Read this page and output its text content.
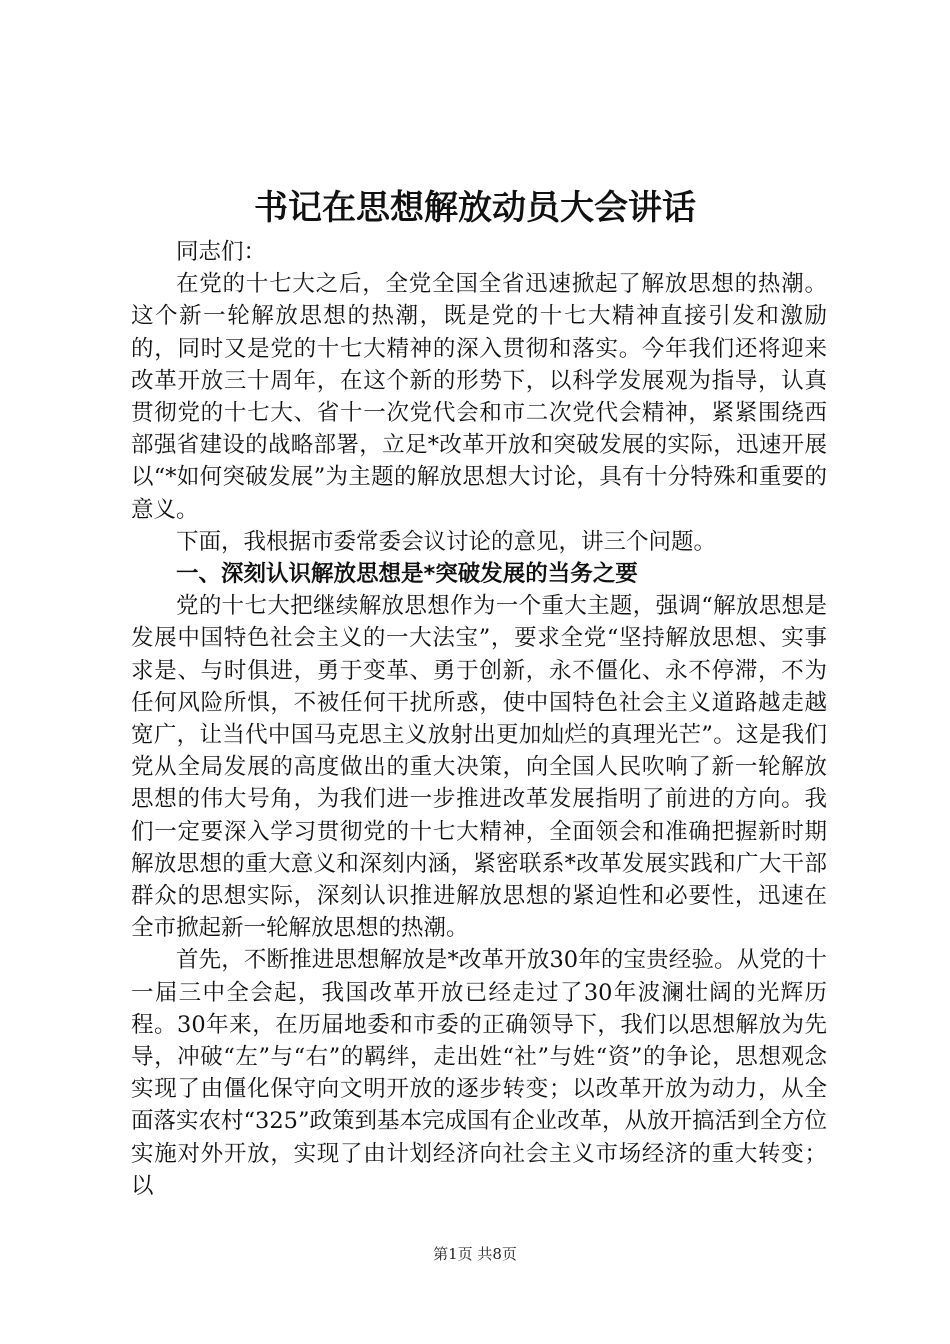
书记在思想解放动员大会讲话

同志们：

在党的十七大之后，全党全国全省迅速掀起了解放思想的热潮。这个新一轮解放思想的热潮，既是党的十七大精神直接引发和激励的，同时又是党的十七大精神的深入贯彻和落实。今年我们还将迎来改革开放三十周年，在这个新的形势下，以科学发展观为指导，认真贯彻党的十七大、省十一次党代会和市二次党代会精神，紧紧围绕西部强省建设的战略部署，立足*改革开放和突破发展的实际，迅速开展以“*如何突破发展”为主题的解放思想大讨论，具有十分特殊和重要的意义。

下面，我根据市委常委会议讨论的意见，讲三个问题。

一、深刻认识解放思想是*突破发展的当务之要

党的十七大把继续解放思想作为一个重大主题，强调“解放思想是发展中国特色社会主义的一大法宝”，要求全党“坚持解放思想、实事求是、与时俱进，勇于变革、勇于创新，永不僵化、永不停滞，不为任何风险所惧，不被任何干扰所惑，使中国特色社会主义道路越走越宽广，让当代中国马克思主义放射出更加灿烂的真理光芒”。这是我们党从全局发展的高度做出的重大决策，向全国人民吹响了新一轮解放思想的伟大号角，为我们进一步推进改革发展指明了前进的方向。我们一定要深入学习贯彻党的十七大精神，全面领会和准确把握新时期解放思想的重大意义和深刻内涵，紧密联系*改革发展实践和广大干部群众的思想实际，深刻认识推进解放思想的紧迫性和必要性，迅速在全市掀起新一轮解放思想的热潮。

首先，不断推进思想解放是*改革开放30年的宝贵经验。从党的十一届三中全会起，我国改革开放已经走过了30年波澜壮阔的光辉历程。30年来，在历届地委和市委的正确领导下，我们以思想解放为先导，冲破“左”与“右”的羁绊，走出姓“社”与姓“资”的争论，思想观念实现了由僵化保守向文明开放的逐步转变；以改革开放为动力，从全面落实农村“325”政策到基本完成国有企业改革，从放开搞活到全方位实施对外开放，实现了由计划经济向社会主义市场经济的重大转变；以

第1页 共8页
